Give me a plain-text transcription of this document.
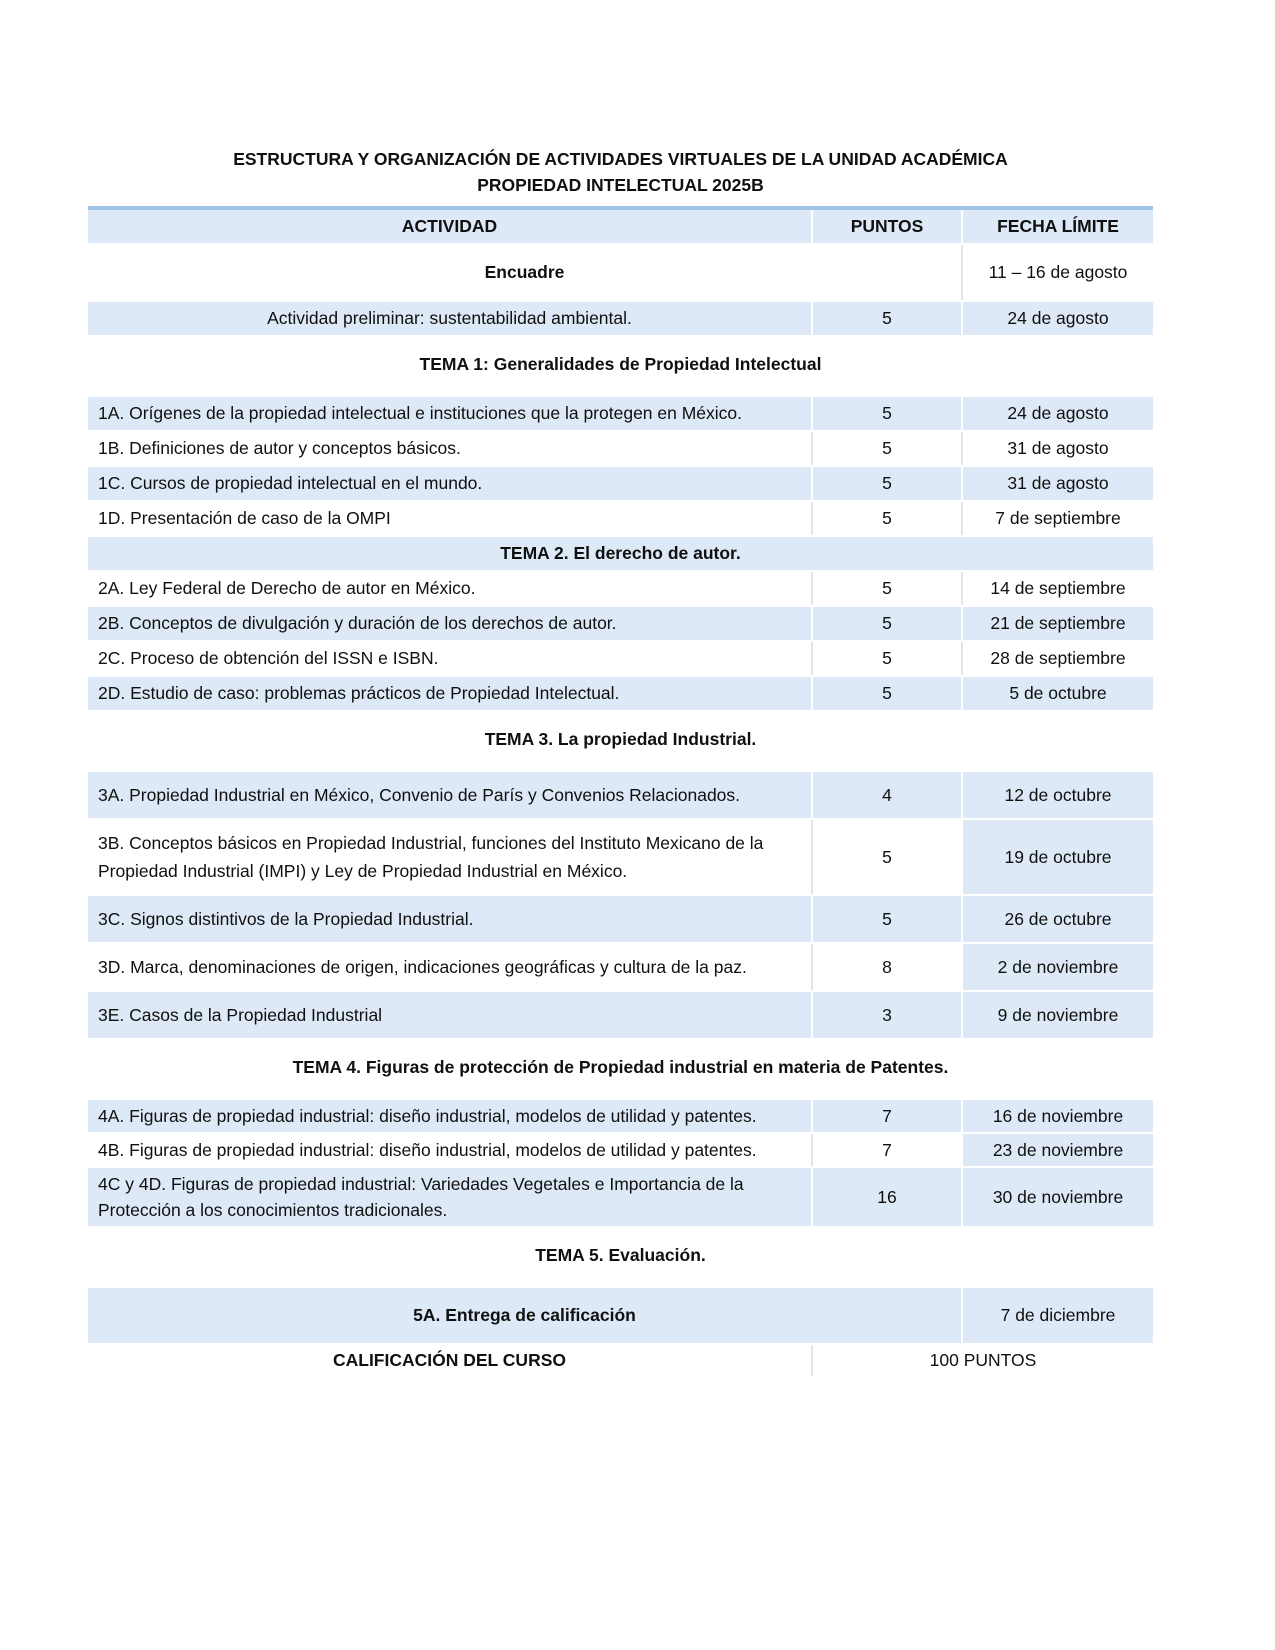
ESTRUCTURA Y ORGANIZACIÓN DE ACTIVIDADES VIRTUALES DE LA UNIDAD ACADÉMICA
PROPIEDAD INTELECTUAL 2025B
ACTIVIDAD	PUNTOS	FECHA LÍMITE
Encuadre		11 – 16 de agosto
Actividad preliminar: sustentabilidad ambiental.	5	24 de agosto
TEMA 1: Generalidades de Propiedad Intelectual
1A. Orígenes de la propiedad intelectual e instituciones que la protegen en México.	5	24 de agosto
1B. Definiciones de autor y conceptos básicos.	5	31 de agosto
1C. Cursos de propiedad intelectual en el mundo.	5	31 de agosto
1D. Presentación de caso de la OMPI	5	7 de septiembre
TEMA 2. El derecho de autor.		
2A. Ley Federal de Derecho de autor en México.	5	14 de septiembre
2B. Conceptos de divulgación y duración de los derechos de autor.	5	21 de septiembre
2C. Proceso de obtención del ISSN e ISBN.	5	28 de septiembre
2D. Estudio de caso: problemas prácticos de Propiedad Intelectual.	5	5 de octubre
TEMA 3. La propiedad Industrial.
3A. Propiedad Industrial en México, Convenio de París y Convenios Relacionados.	4	12 de octubre
3B. Conceptos básicos en Propiedad Industrial, funciones del Instituto Mexicano de la Propiedad Industrial (IMPI) y Ley de Propiedad Industrial en México.	5	19 de octubre
3C. Signos distintivos de la Propiedad Industrial.	5	26 de octubre
3D. Marca, denominaciones de origen, indicaciones geográficas y cultura de la paz.	8	2 de noviembre
3E. Casos de la Propiedad Industrial	3	9 de noviembre
TEMA 4. Figuras de protección de Propiedad industrial en materia de Patentes.
4A. Figuras de propiedad industrial: diseño industrial, modelos de utilidad y patentes.	7	16 de noviembre
4B. Figuras de propiedad industrial: diseño industrial, modelos de utilidad y patentes.	7	23 de noviembre
4C y 4D. Figuras de propiedad industrial: Variedades Vegetales e Importancia de la Protección a los conocimientos tradicionales.	16	30 de noviembre
TEMA 5. Evaluación.
5A. Entrega de calificación		7 de diciembre
CALIFICACIÓN DEL CURSO	100 PUNTOS	
